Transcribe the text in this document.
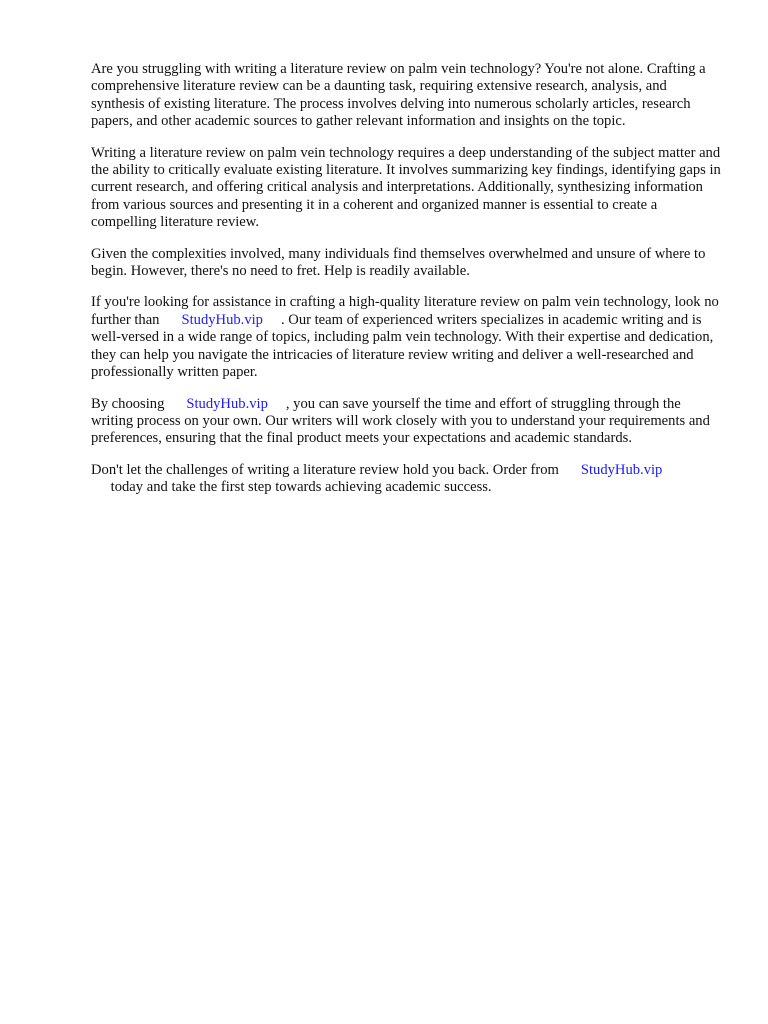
Are you struggling with writing a literature review on palm vein technology? You're not alone. Crafting a comprehensive literature review can be a daunting task, requiring extensive research, analysis, and synthesis of existing literature. The process involves delving into numerous scholarly articles, research papers, and other academic sources to gather relevant information and insights on the topic.

Writing a literature review on palm vein technology requires a deep understanding of the subject matter and the ability to critically evaluate existing literature. It involves summarizing key findings, identifying gaps in current research, and offering critical analysis and interpretations. Additionally, synthesizing information from various sources and presenting it in a coherent and organized manner is essential to create a compelling literature review.

Given the complexities involved, many individuals find themselves overwhelmed and unsure of where to begin. However, there's no need to fret. Help is readily available.

If you're looking for assistance in crafting a high-quality literature review on palm vein technology, look no further than StudyHub.vip . Our team of experienced writers specializes in academic writing and is well-versed in a wide range of topics, including palm vein technology. With their expertise and dedication, they can help you navigate the intricacies of literature review writing and deliver a well-researched and professionally written paper.

By choosing StudyHub.vip , you can save yourself the time and effort of struggling through the writing process on your own. Our writers will work closely with you to understand your requirements and preferences, ensuring that the final product meets your expectations and academic standards.

Don't let the challenges of writing a literature review hold you back. Order from StudyHub.vip
today and take the first step towards achieving academic success.
